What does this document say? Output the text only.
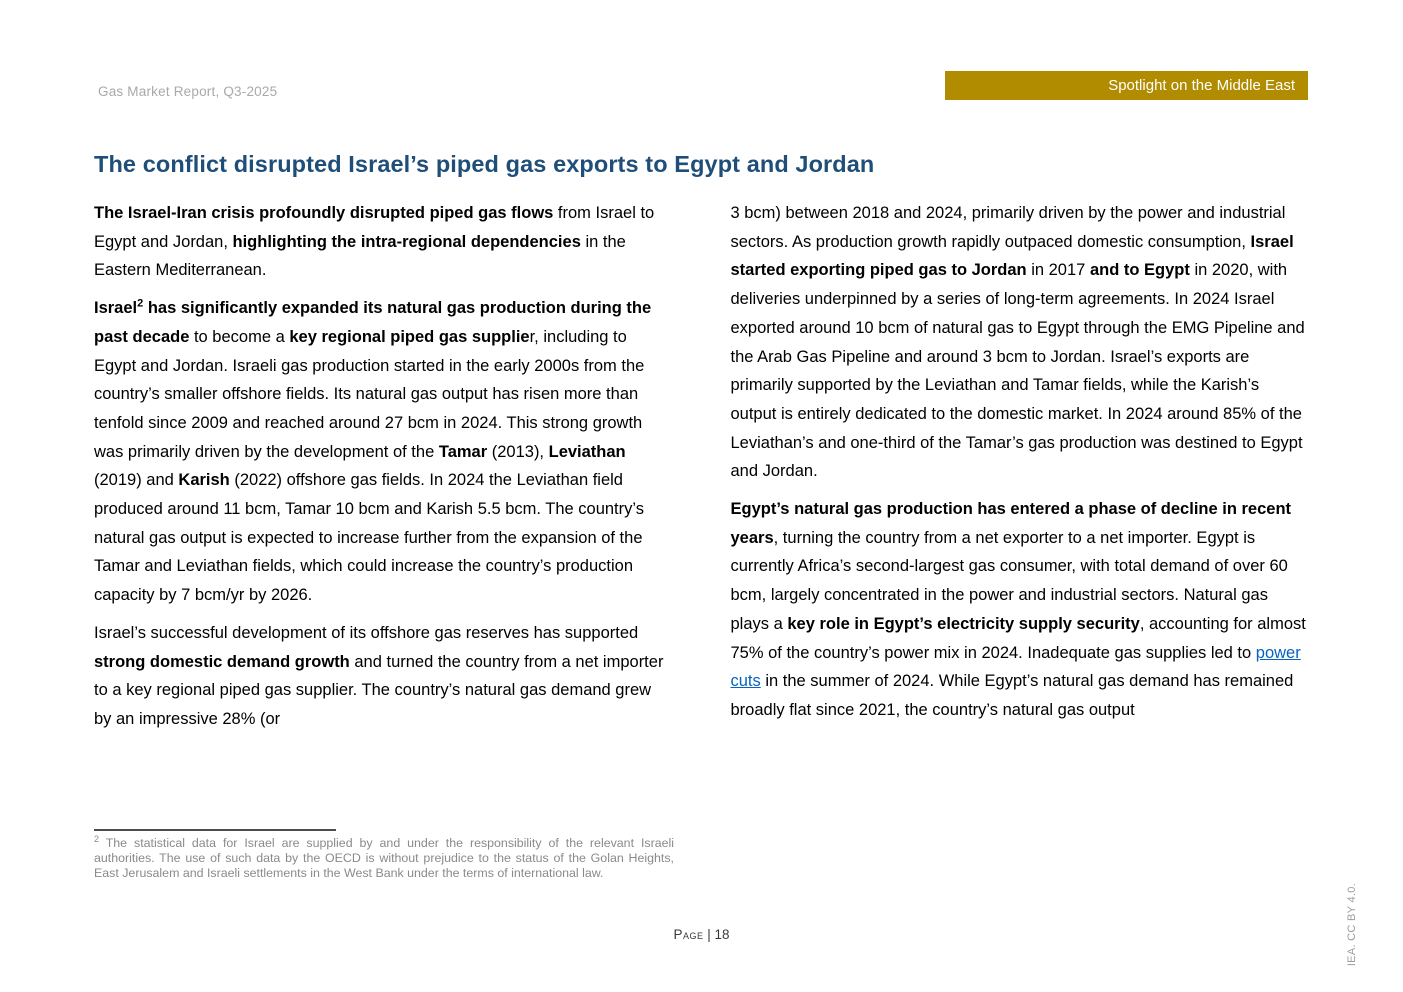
Gas Market Report, Q3-2025	Spotlight on the Middle East
The conflict disrupted Israel’s piped gas exports to Egypt and Jordan

The Israel-Iran crisis profoundly disrupted piped gas flows from Israel to Egypt and Jordan, highlighting the intra-regional dependencies in the Eastern Mediterranean.

Israel$^2$ has significantly expanded its natural gas production during the past decade to become a key regional piped gas supplier, including to Egypt and Jordan. Israeli gas production started in the early 2000s from the country’s smaller offshore fields. Its natural gas output has risen more than tenfold since 2009 and reached around 27 bcm in 2024. This strong growth was primarily driven by the development of the Tamar (2013), Leviathan (2019) and Karish (2022) offshore gas fields. In 2024 the Leviathan field produced around 11 bcm, Tamar 10 bcm and Karish 5.5 bcm. The country’s natural gas output is expected to increase further from the expansion of the Tamar and Leviathan fields, which could increase the country’s production capacity by 7 bcm/yr by 2026.

Israel’s successful development of its offshore gas reserves has supported strong domestic demand growth and turned the country from a net importer to a key regional piped gas supplier. The country’s natural gas demand grew by an impressive 28% (or

3 bcm) between 2018 and 2024, primarily driven by the power and industrial sectors. As production growth rapidly outpaced domestic consumption, Israel started exporting piped gas to Jordan in 2017 and to Egypt in 2020, with deliveries underpinned by a series of long-term agreements. In 2024 Israel exported around 10 bcm of natural gas to Egypt through the EMG Pipeline and the Arab Gas Pipeline and around 3 bcm to Jordan. Israel’s exports are primarily supported by the Leviathan and Tamar fields, while the Karish’s output is entirely dedicated to the domestic market. In 2024 around 85% of the Leviathan’s and one-third of the Tamar’s gas production was destined to Egypt and Jordan.

Egypt’s natural gas production has entered a phase of decline in recent years, turning the country from a net exporter to a net importer. Egypt is currently Africa’s second-largest gas consumer, with total demand of over 60 bcm, largely concentrated in the power and industrial sectors. Natural gas plays a key role in Egypt’s electricity supply security, accounting for almost 75% of the country’s power mix in 2024. Inadequate gas supplies led to power cuts in the summer of 2024. While Egypt’s natural gas demand has remained broadly flat since 2021, the country’s natural gas output

$^2$ The statistical data for Israel are supplied by and under the responsibility of the relevant Israeli authorities. The use of such data by the OECD is without prejudice to the status of the Golan Heights, East Jerusalem and Israeli settlements in the West Bank under the terms of international law.
Page | 18	IEA. CC BY 4.0.
